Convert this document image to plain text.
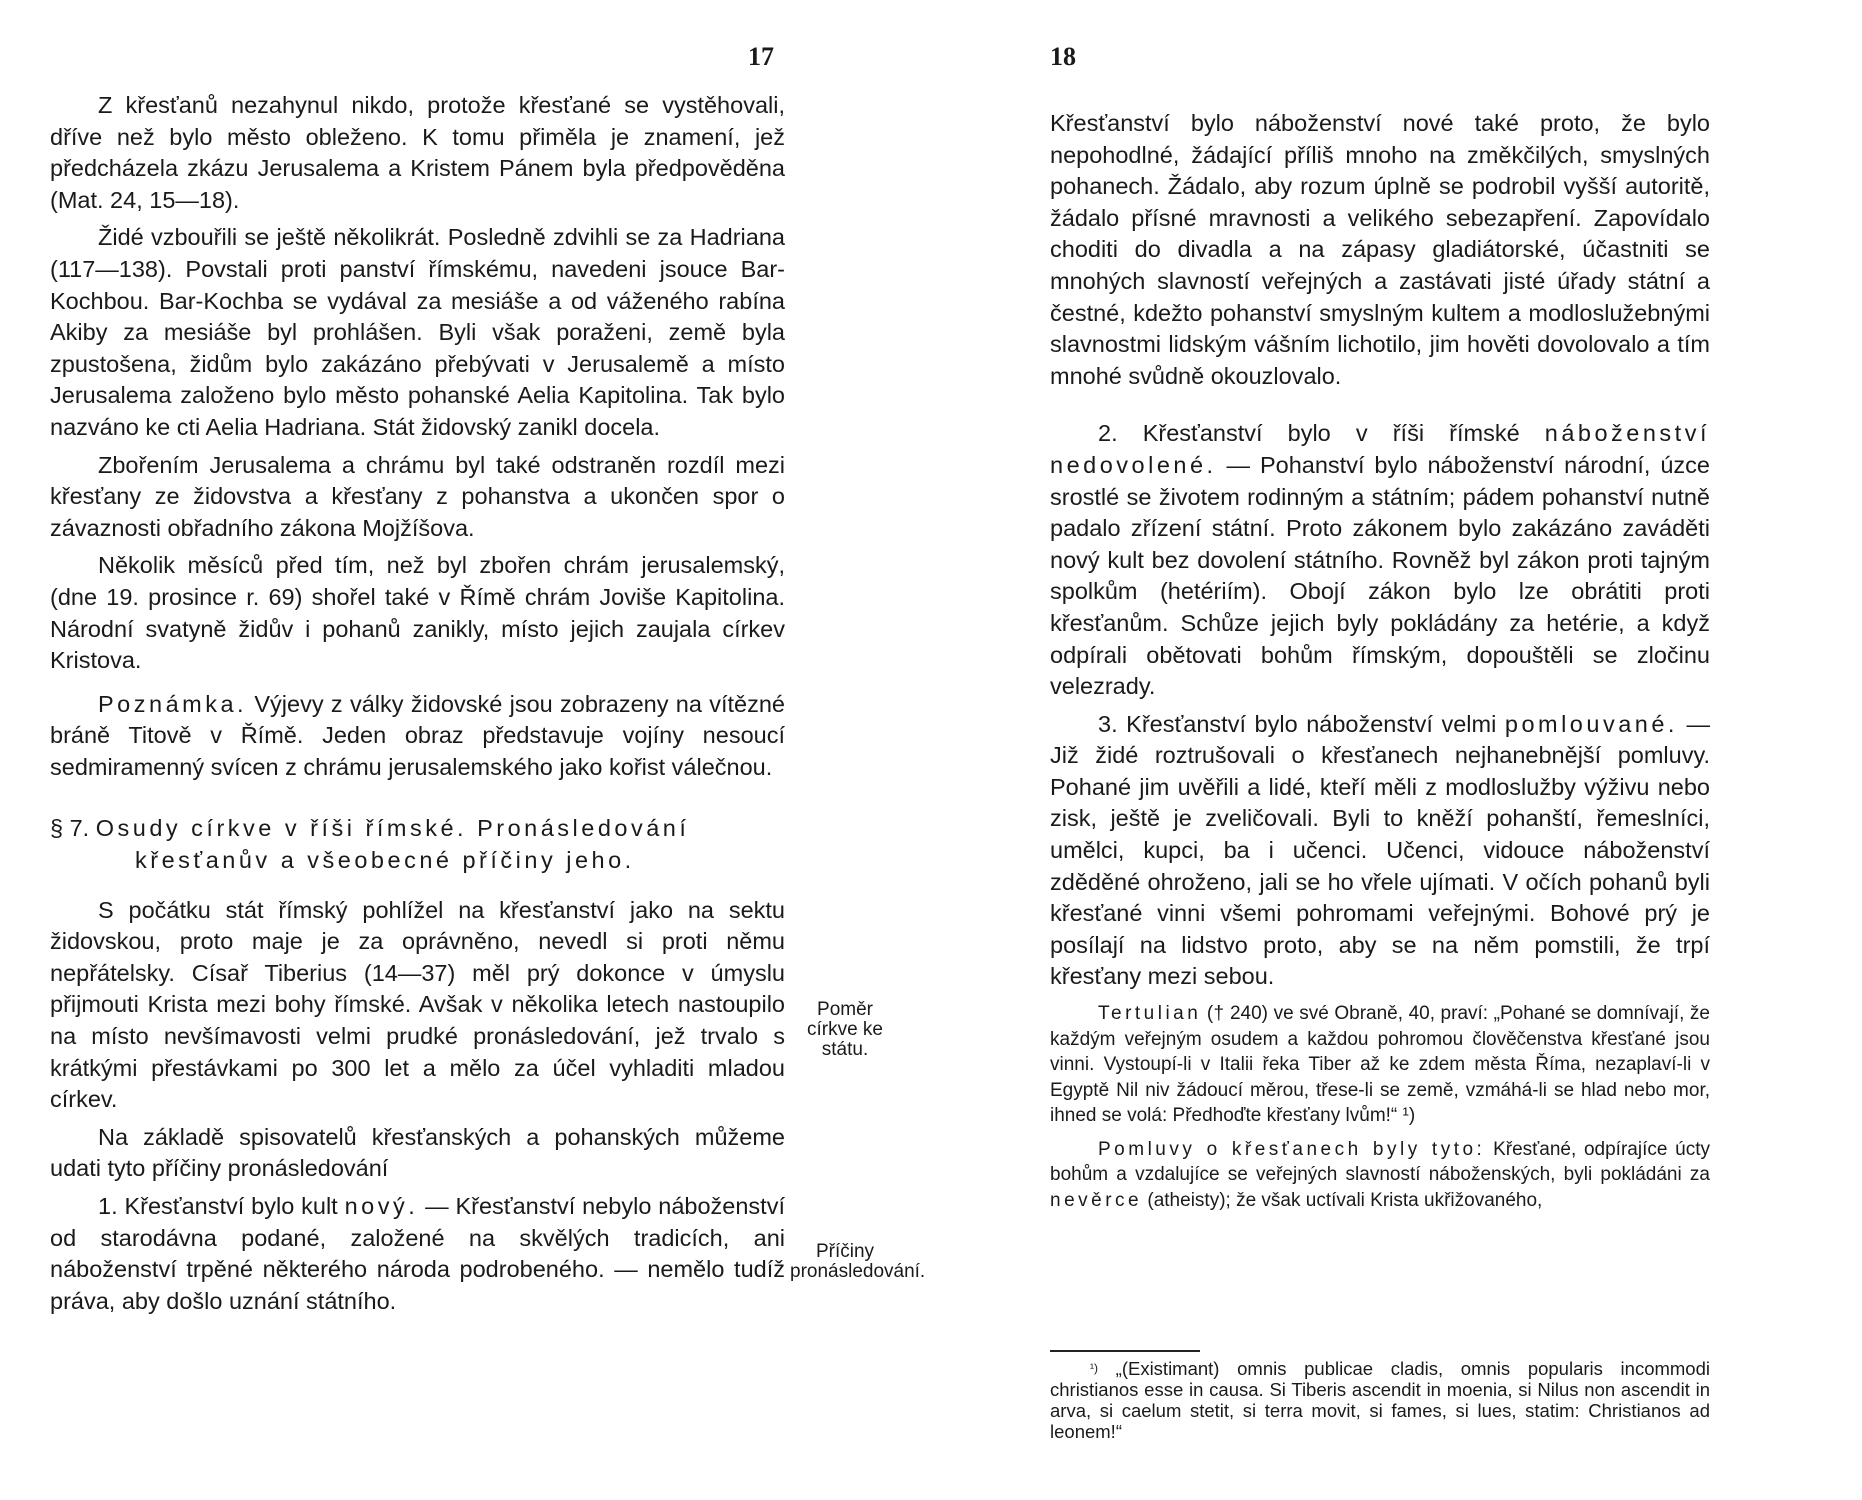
17

Z křesťanů nezahynul nikdo, protože křesťané se vystěhovali, dříve než bylo město obleženo. K tomu přiměla je znamení, jež předcházela zkázu Jerusalema a Kristem Pánem byla předpověděna (Mat. 24, 15—18).

Židé vzbouřili se ještě několikrát. Posledně zdvihli se za Hadriana (117—138). Povstali proti panství římskému, navedeni jsouce Bar-Kochbou. Bar-Kochba se vydával za mesiáše a od váženého rabína Akiby za mesiáše byl prohlášen. Byli však poraženi, země byla zpustošena, židům bylo zakázáno přebývati v Jerusalemě a místo Jerusalema založeno bylo město pohanské Aelia Kapitolina. Tak bylo nazváno ke cti Aelia Hadriana. Stát židovský zanikl docela.

Zbořením Jerusalema a chrámu byl také odstraněn rozdíl mezi křesťany ze židovstva a křesťany z pohanstva a ukončen spor o závaznosti obřadního zákona Mojžíšova.

Několik měsíců před tím, než byl zbořen chrám jerusalemský, (dne 19. prosince r. 69) shořel také v Římě chrám Joviše Kapitolina. Národní svatyně židův i pohanů zanikly, místo jejich zaujala církev Kristova.

Poznámka. Výjevy z války židovské jsou zobrazeny na vítězné bráně Titově v Římě. Jeden obraz představuje vojíny nesoucí sedmiramenný svícen z chrámu jerusalemského jako kořist válečnou.

§ 7. Osudy církve v říši římské. Pronásledování
křesťanův a všeobecné příčiny jeho.

S počátku stát římský pohlížel na křesťanství jako na sektu židovskou, proto maje je za oprávněno, nevedl si proti němu nepřátelsky. Císař Tiberius (14—37) měl prý dokonce v úmyslu přijmouti Krista mezi bohy římské. Avšak v několika letech nastoupilo na místo nevšímavosti velmi prudké pronásledování, jež trvalo s krátkými přestávkami po 300 let a mělo za účel vyhladiti mladou církev.

Na základě spisovatelů křesťanských a pohanských můžeme udati tyto příčiny pronásledování

1. Křesťanství bylo kult nový. — Křesťanství nebylo náboženství od starodávna podané, založené na skvělých tradicích, ani náboženství trpěné některého národa podrobeného. — nemělo tudíž práva, aby došlo uznání státního.

Poměr církve ke státu.
Příčiny pronásledování.
18

Křesťanství bylo náboženství nové také proto, že bylo nepohodlné, žádající příliš mnoho na změkčilých, smyslných pohanech. Žádalo, aby rozum úplně se podrobil vyšší autoritě, žádalo přísné mravnosti a velikého sebezapření. Zapovídalo choditi do divadla a na zápasy gladiátorské, účastniti se mnohých slavností veřejných a zastávati jisté úřady státní a čestné, kdežto pohanství smyslným kultem a modloslužebnými slavnostmi lidským vášním lichotilo, jim hověti dovolovalo a tím mnohé svůdně okouzlovalo.

2. Křesťanství bylo v říši římské náboženství nedovolené. — Pohanství bylo náboženství národní, úzce srostlé se životem rodinným a státním; pádem pohanství nutně padalo zřízení státní. Proto zákonem bylo zakázáno zaváděti nový kult bez dovolení státního. Rovněž byl zákon proti tajným spolkům (hetériím). Obojí zákon bylo lze obrátiti proti křesťanům. Schůze jejich byly pokládány za hetérie, a když odpírali obětovati bohům římským, dopouštěli se zločinu velezrady.

3. Křesťanství bylo náboženství velmi pomlouvané. — Již židé roztrušovali o křesťanech nejhanebnější pomluvy. Pohané jim uvěřili a lidé, kteří měli z modloslužby výživu nebo zisk, ještě je zveličovali. Byli to kněží pohanští, řemeslníci, umělci, kupci, ba i učenci. Učenci, vidouce náboženství zděděné ohroženo, jali se ho vřele ujímati. V očích pohanů byli křesťané vinni všemi pohromami veřejnými. Bohové prý je posílají na lidstvo proto, aby se na něm pomstili, že trpí křesťany mezi sebou.

Tertulian († 240) ve své Obraně, 40, praví: „Pohané se domnívají, že každým veřejným osudem a každou pohromou člověčenstva křesťané jsou vinni. Vystoupí-li v Italii řeka Tiber až ke zdem města Říma, nezaplaví-li v Egyptě Nil niv žádoucí měrou, třese-li se země, vzmáhá-li se hlad nebo mor, ihned se volá: Předhoďte křesťany lvům!“ ¹)

Pomluvy o křesťanech byly tyto: Křesťané, odpírajíce úcty bohům a vzdalujíce se veřejných slavností náboženských, byli pokládáni za nevěrce (atheisty); že však uctívali Krista ukřižovaného,

$^{^1)}$ „(Existimant) omnis publicae cladis, omnis popularis incommodi christianos esse in causa. Si Tiberis ascendit in moenia, si Nilus non ascendit in arva, si caelum stetit, si terra movit, si fames, si lues, statim: Christianos ad leonem!“
